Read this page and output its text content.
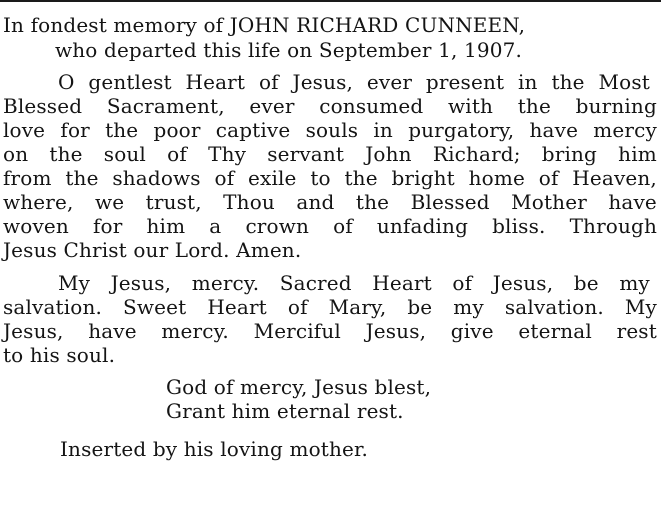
In fondest memory of JOHN RICHARD CUNNEEN,
who departed this life on September 1, 1907.
O gentlest Heart of Jesus, ever present in the Most
Blessed Sacrament, ever consumed with the burning
love for the poor captive souls in purgatory, have mercy
on the soul of Thy servant John Richard; bring him
from the shadows of exile to the bright home of Heaven,
where, we trust, Thou and the Blessed Mother have
woven for him a crown of unfading bliss. Through
Jesus Christ our Lord. Amen.
My Jesus, mercy. Sacred Heart of Jesus, be my
salvation. Sweet Heart of Mary, be my salvation. My
Jesus, have mercy. Merciful Jesus, give eternal rest
to his soul.
God of mercy, Jesus blest,
Grant him eternal rest.
Inserted by his loving mother.
